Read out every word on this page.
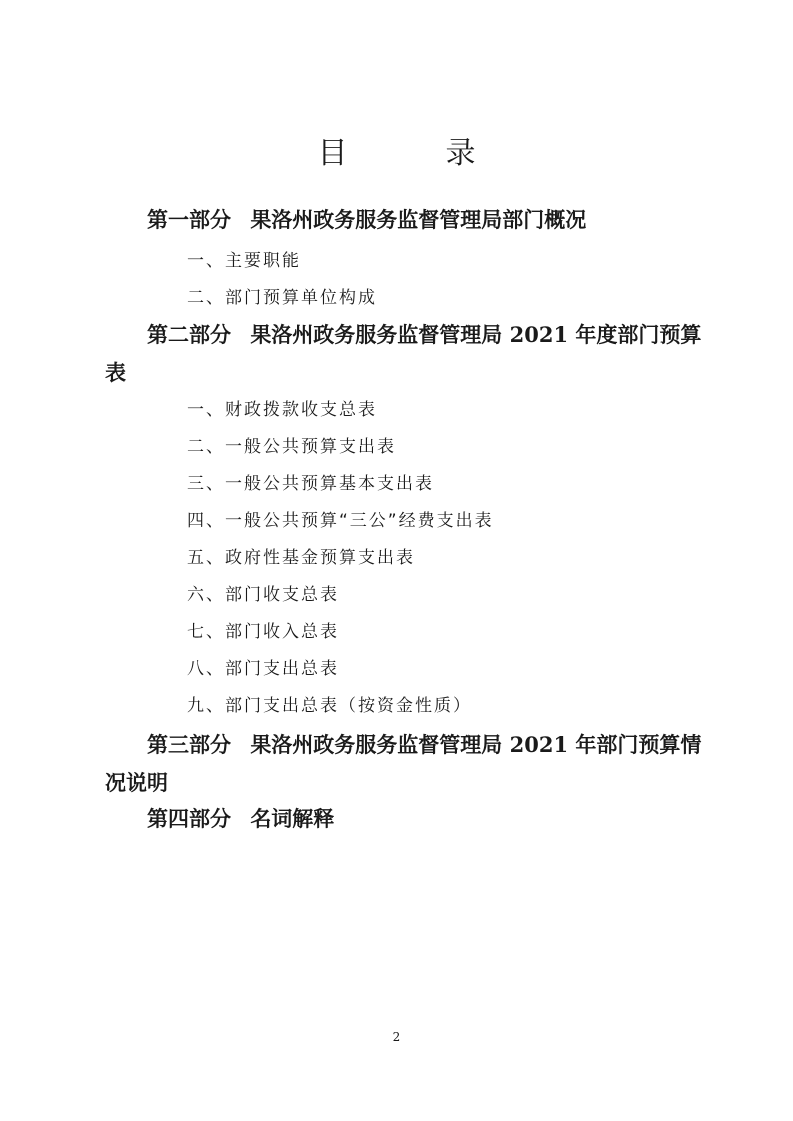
目　录
第一部分 果洛州政务服务监督管理局部门概况
一、主要职能
二、部门预算单位构成
第二部分 果洛州政务服务监督管理局 2021 年度部门预算
表
一、财政拨款收支总表
二、一般公共预算支出表
三、一般公共预算基本支出表
四、一般公共预算“三公”经费支出表
五、政府性基金预算支出表
六、部门收支总表
七、部门收入总表
八、部门支出总表
九、部门支出总表（按资金性质）
第三部分 果洛州政务服务监督管理局 2021 年部门预算情
况说明
第四部分 名词解释
2
